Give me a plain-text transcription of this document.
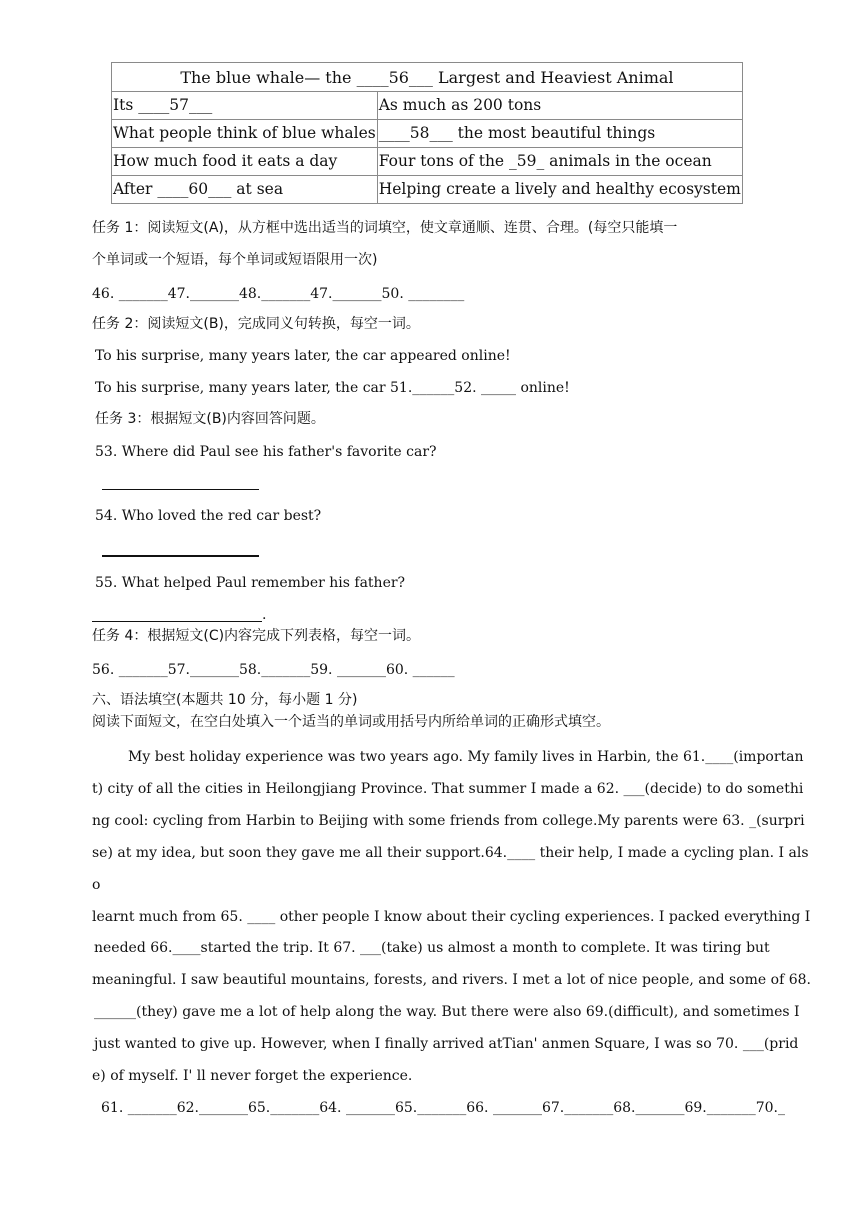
The blue whale— the ____56___ Largest and Heaviest Animal	
Its ____57___	As much as 200 tons
What people think of blue whales	____58___ the most beautiful things
How much food it eats a day	Four tons of the _59_ animals in the ocean
After ____60___ at sea	Helping create a lively and healthy ecosystem
任务 1：阅读短文(A)，从方框中选出适当的词填空，使文章通顺、连贯、合理。(每空只能填一
个单词或一个短语，每个单词或短语限用一次)
46. _______47._______48._______47._______50. ________
任务 2：阅读短文(B)，完成同义句转换，每空一词。
To his surprise, many years later, the car appeared online!
To his surprise, many years later, the car 51.______52. _____ online!
任务 3：根据短文(B)内容回答问题。
53. Where did Paul see his father's favorite car?
54. Who loved the red car best?
55. What helped Paul remember his father?
.
任务 4：根据短文(C)内容完成下列表格，每空一词。
56. _______57._______58._______59. _______60. ______
六、语法填空(本题共 10 分，每小题 1 分)
阅读下面短文，在空白处填入一个适当的单词或用括号内所给单词的正确形式填空。
My best holiday experience was two years ago. My family lives in Harbin, the 61.____(importan
t) city of all the cities in Heilongjiang Province. That summer I made a 62. ___(decide) to do somethi
ng cool: cycling from Harbin to Beijing with some friends from college.My parents were 63. _(surpri
se) at my idea, but soon they gave me all their support.64.____ their help, I made a cycling plan. I als
o
learnt much from 65. ____ other people I know about their cycling experiences. I packed everything I
needed 66.____started the trip. It 67. ___(take) us almost a month to complete. It was tiring but
meaningful. I saw beautiful mountains, forests, and rivers. I met a lot of nice people, and some of 68.
______(they) gave me a lot of help along the way. But there were also 69.(difficult), and sometimes I
just wanted to give up. However, when I finally arrived atTian' anmen Square, I was so 70. ___(prid
e) of myself. I' ll never forget the experience.
61. _______62._______65._______64. _______65._______66. _______67._______68._______69._______70._
